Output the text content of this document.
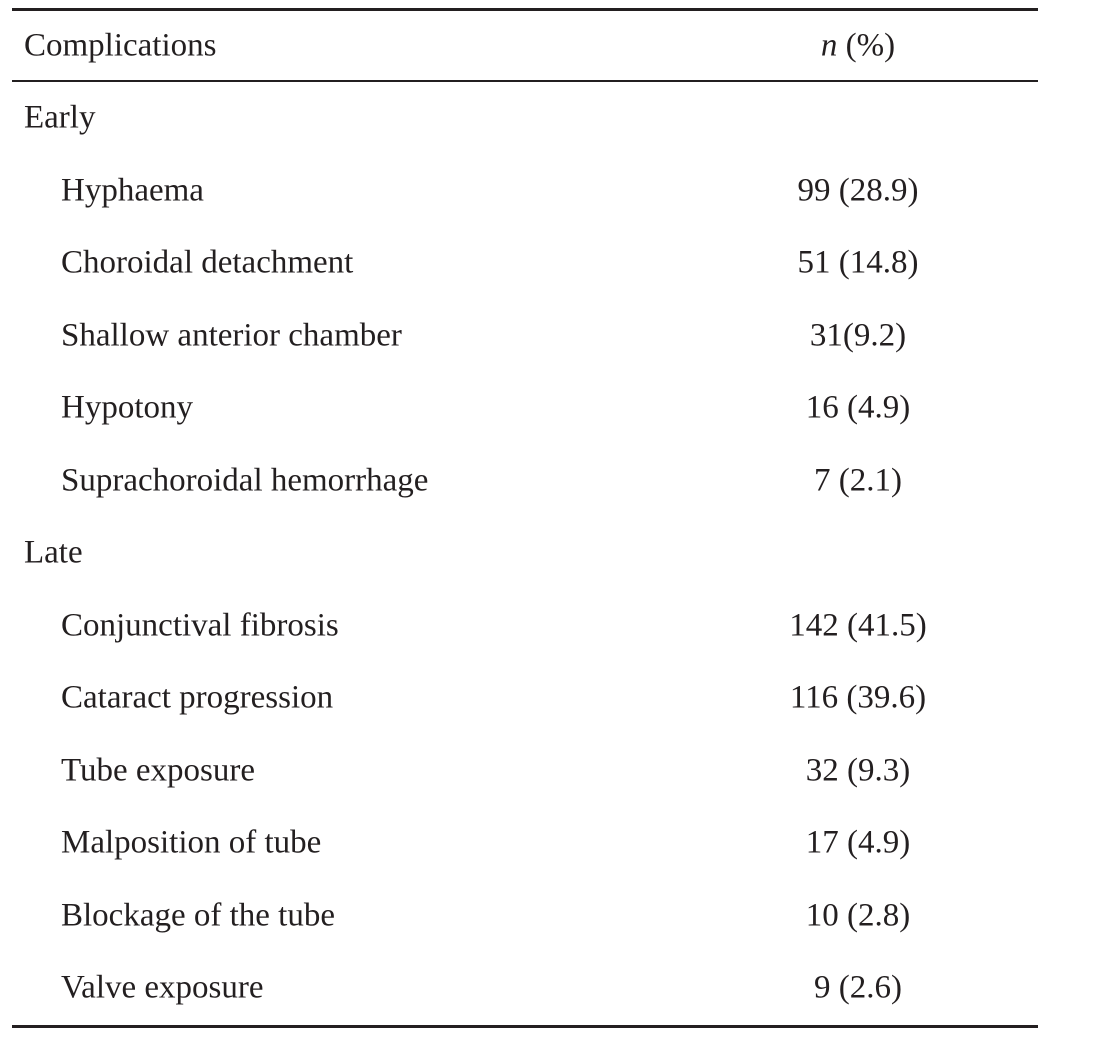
Complications	n (%)
Early
Hyphaema	99 (28.9)
Choroidal detachment	51 (14.8)
Shallow anterior chamber	31(9.2)
Hypotony	16 (4.9)
Suprachoroidal hemorrhage	7 (2.1)
Late
Conjunctival fibrosis	142 (41.5)
Cataract progression	116 (39.6)
Tube exposure	32 (9.3)
Malposition of tube	17 (4.9)
Blockage of the tube	10 (2.8)
Valve exposure	9 (2.6)
